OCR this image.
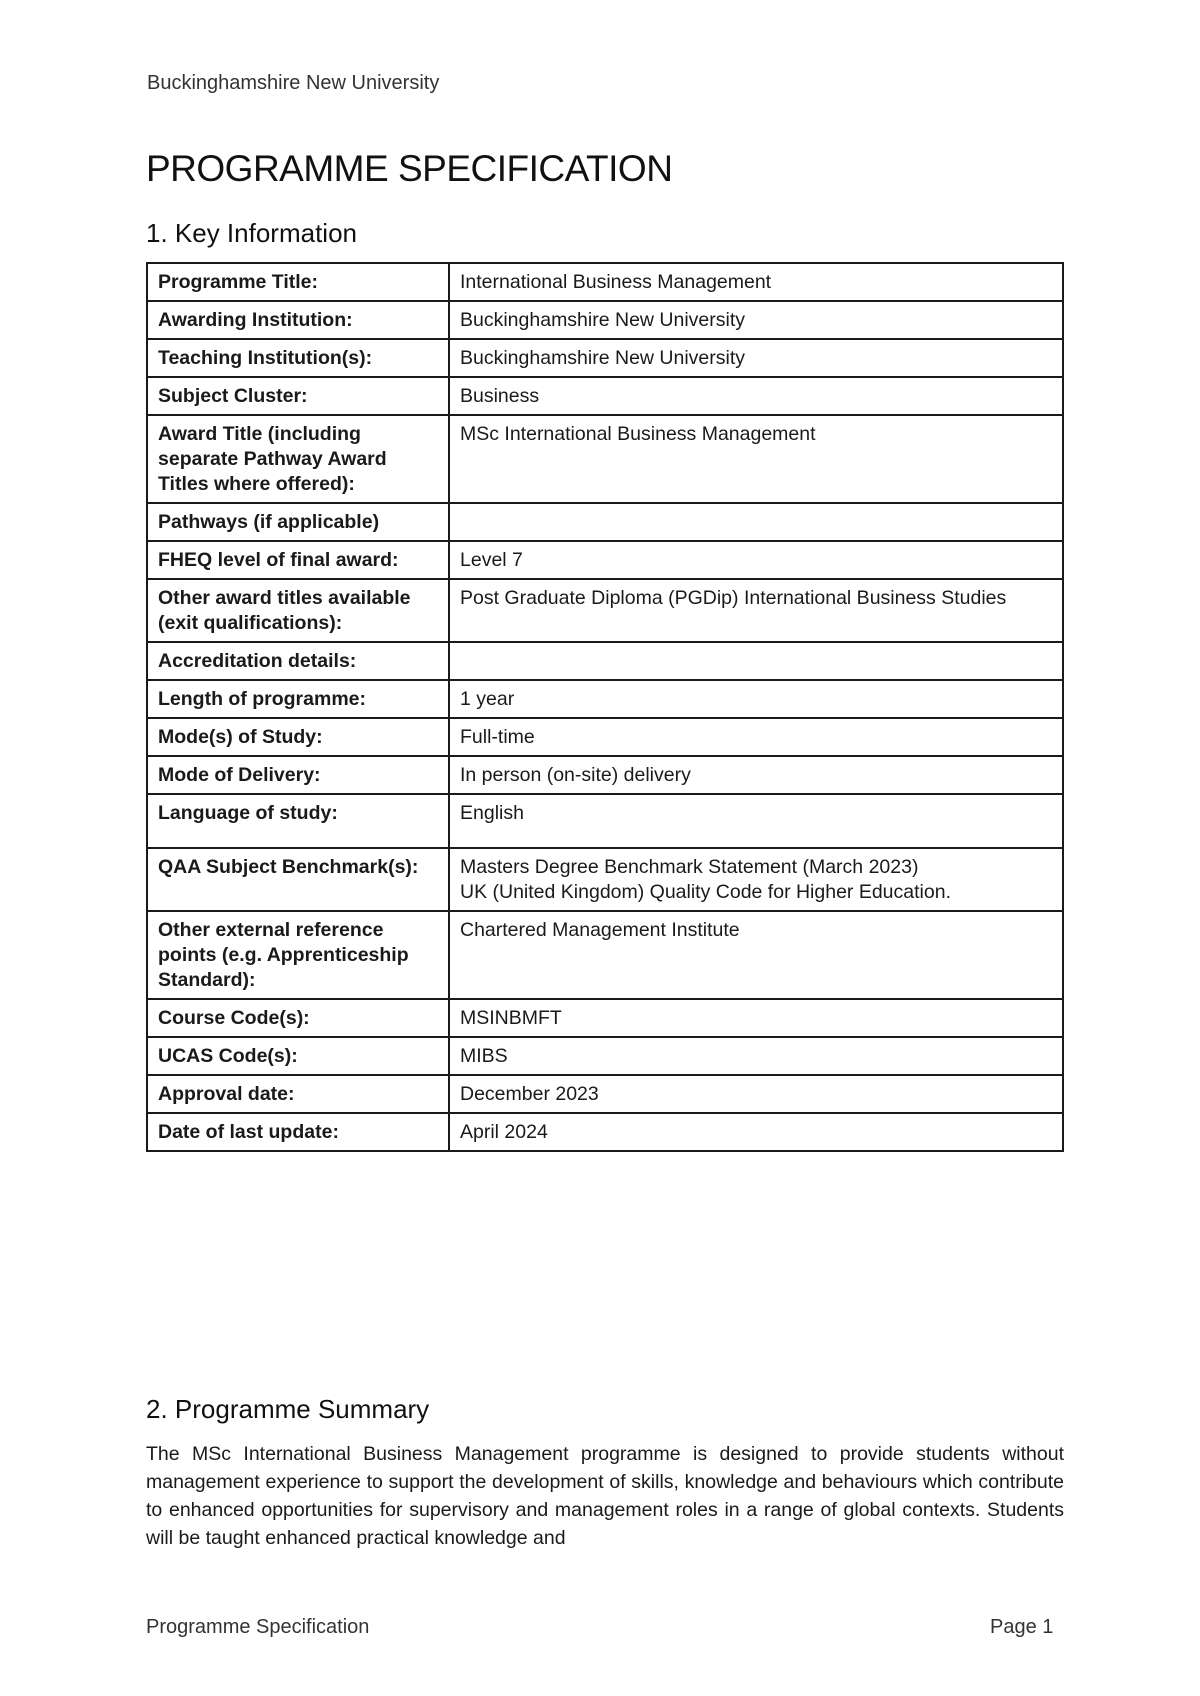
Buckinghamshire New University
PROGRAMME SPECIFICATION
1. Key Information
Programme Title:	International Business Management
Awarding Institution:	Buckinghamshire New University
Teaching Institution(s):	Buckinghamshire New University
Subject Cluster:	Business
Award Title (including separate Pathway Award Titles where offered):	MSc International Business Management
Pathways (if applicable)	
FHEQ level of final award:	Level 7
Other award titles available (exit qualifications):	Post Graduate Diploma (PGDip) International Business Studies
Accreditation details:	
Length of programme:	1 year
Mode(s) of Study:	Full-time
Mode of Delivery:	In person (on-site) delivery
Language of study:	English
QAA Subject Benchmark(s):	Masters Degree Benchmark Statement (March 2023)
UK (United Kingdom) Quality Code for Higher Education.

Other external reference points (e.g. Apprenticeship Standard):	Chartered Management Institute
Course Code(s):	MSINBMFT
UCAS Code(s):	MIBS
Approval date:	December 2023
Date of last update:	April 2024
2. Programme Summary

The MSc International Business Management programme is designed to provide students without management experience to support the development of skills, knowledge and behaviours which contribute to enhanced opportunities for supervisory and management roles in a range of global contexts. Students will be taught enhanced practical knowledge and

Programme Specification	Page 1
